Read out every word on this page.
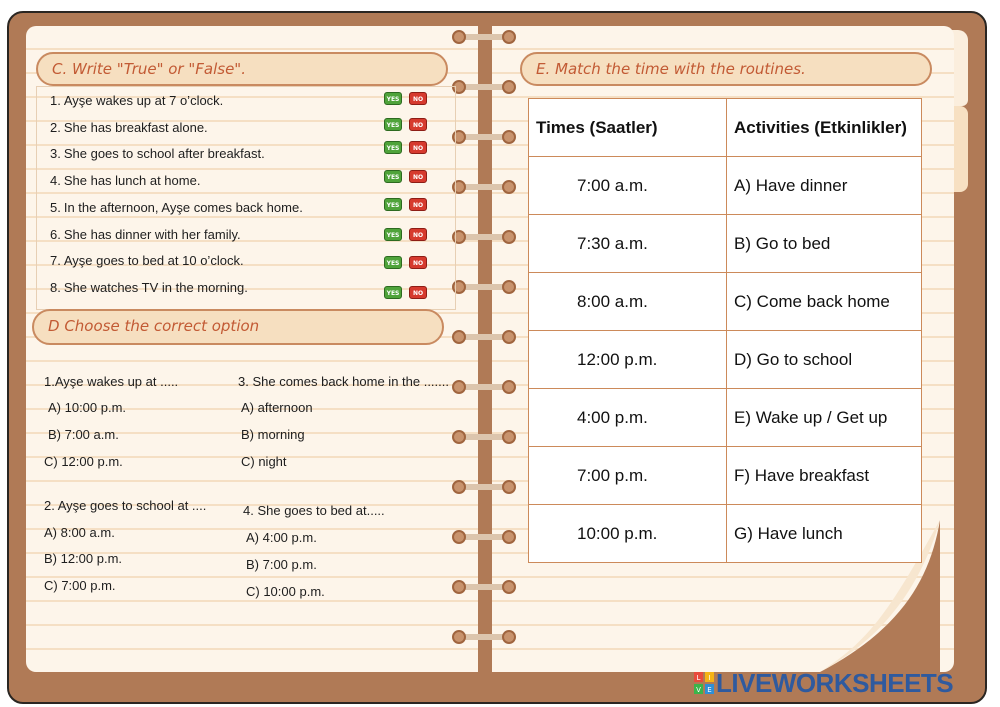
C. Write "True" or "False".
1. Ayşe wakes up at 7 o’clock.	YES	NO
2. She has breakfast alone.	YES	NO
3. She goes to school after breakfast.	YES	NO
4. She has lunch at home.	YES	NO
5. In the afternoon, Ayşe comes back home.	YES	NO
6. She has dinner with her family.	YES	NO
7. Ayşe goes to bed at 10 o’clock.	YES	NO
8. She watches TV in the morning.	YES	NO
D Choose the correct option
1.Ayşe wakes up at .....
A) 10:00 p.m.
B) 7:00 a.m.
C) 12:00 p.m.
2. Ayşe goes to school at ....
A) 8:00 a.m.
B) 12:00 p.m.
C) 7:00 p.m.
3. She comes back home in the .......
A) afternoon
B) morning
C) night
4. She goes to bed at.....
A) 4:00 p.m.
B) 7:00 p.m.
C) 10:00 p.m.
E. Match the time with the routines.
Times (Saatler)	Activities (Etkinlikler)
7:00 a.m.	A) Have dinner
7:30 a.m.	B) Go to bed
8:00 a.m.	C) Come back home
12:00 p.m.	D) Go to school
4:00 p.m.	E) Wake up / Get up
7:00 p.m.	F) Have breakfast
10:00 p.m.	G) Have lunch
L I
V E LIVEWORKSHEETS
